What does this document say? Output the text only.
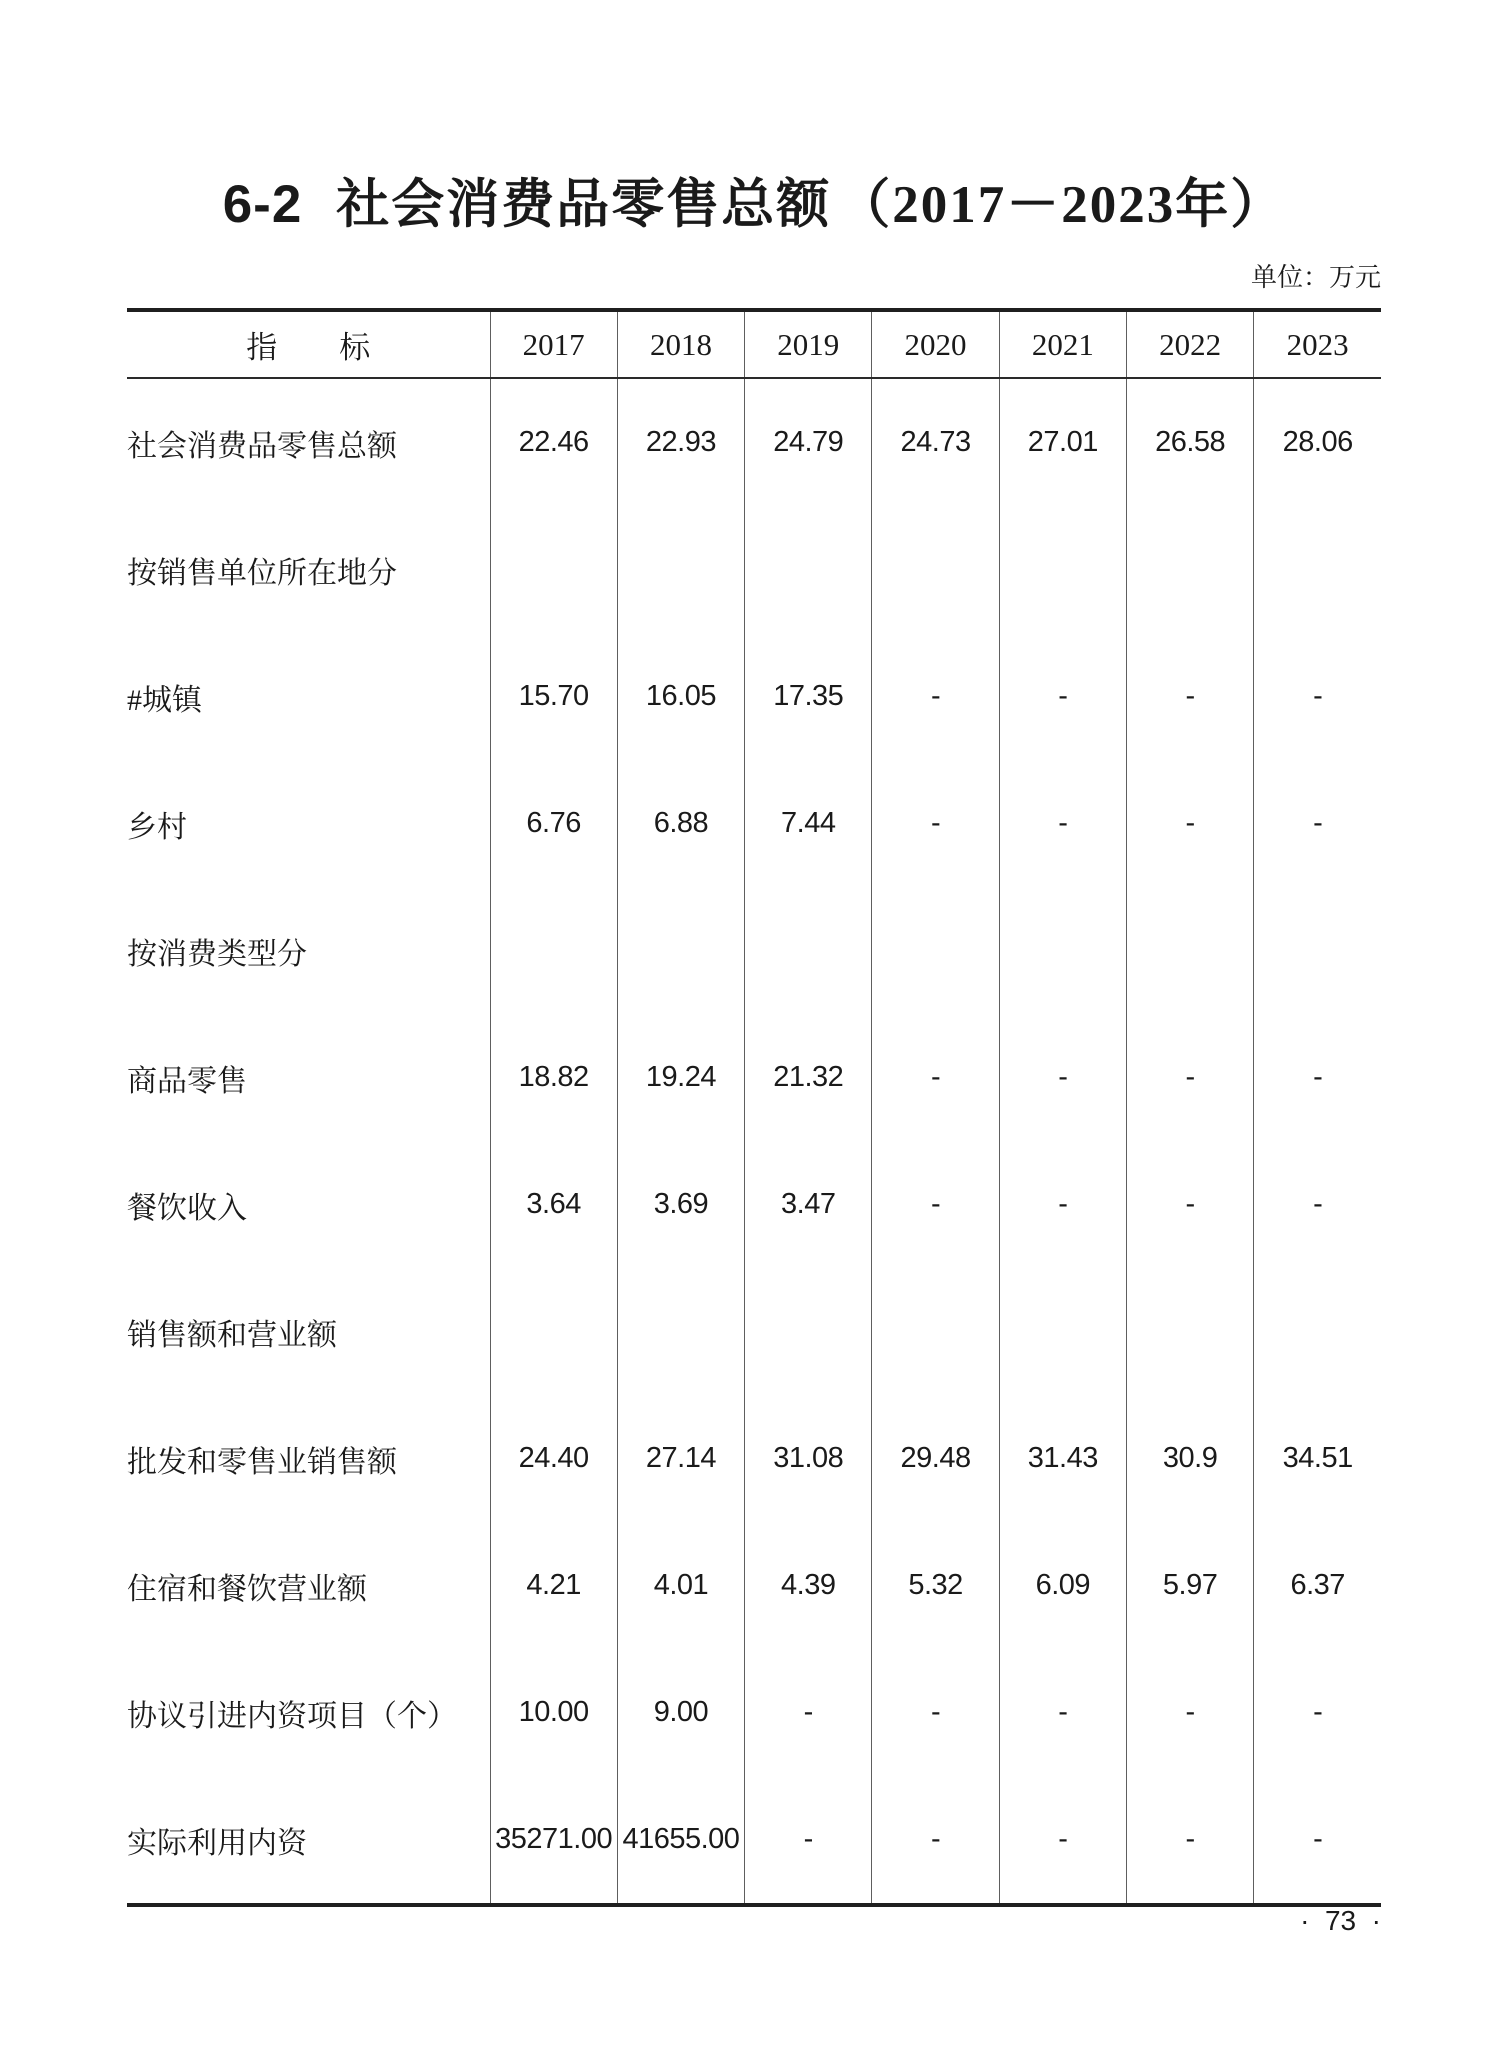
6-2 社会消费品零售总额 （2017－2023年）
单位：万元
指　　标	2017	2018	2019	2020	2021	2022	2023
社会消费品零售总额	22.46	22.93	24.79	24.73	27.01	26.58	28.06
按销售单位所在地分							
#城镇	15.70	16.05	17.35	-	-	-	-
乡村	6.76	6.88	7.44	-	-	-	-
按消费类型分							
商品零售	18.82	19.24	21.32	-	-	-	-
餐饮收入	3.64	3.69	3.47	-	-	-	-
销售额和营业额							
批发和零售业销售额	24.40	27.14	31.08	29.48	31.43	30.9	34.51
住宿和餐饮营业额	4.21	4.01	4.39	5.32	6.09	5.97	6.37
协议引进内资项目（个）	10.00	9.00	-	-	-	-	-
实际利用内资	35271.00	41655.00	-	-	-	-	-
·  73  ·
